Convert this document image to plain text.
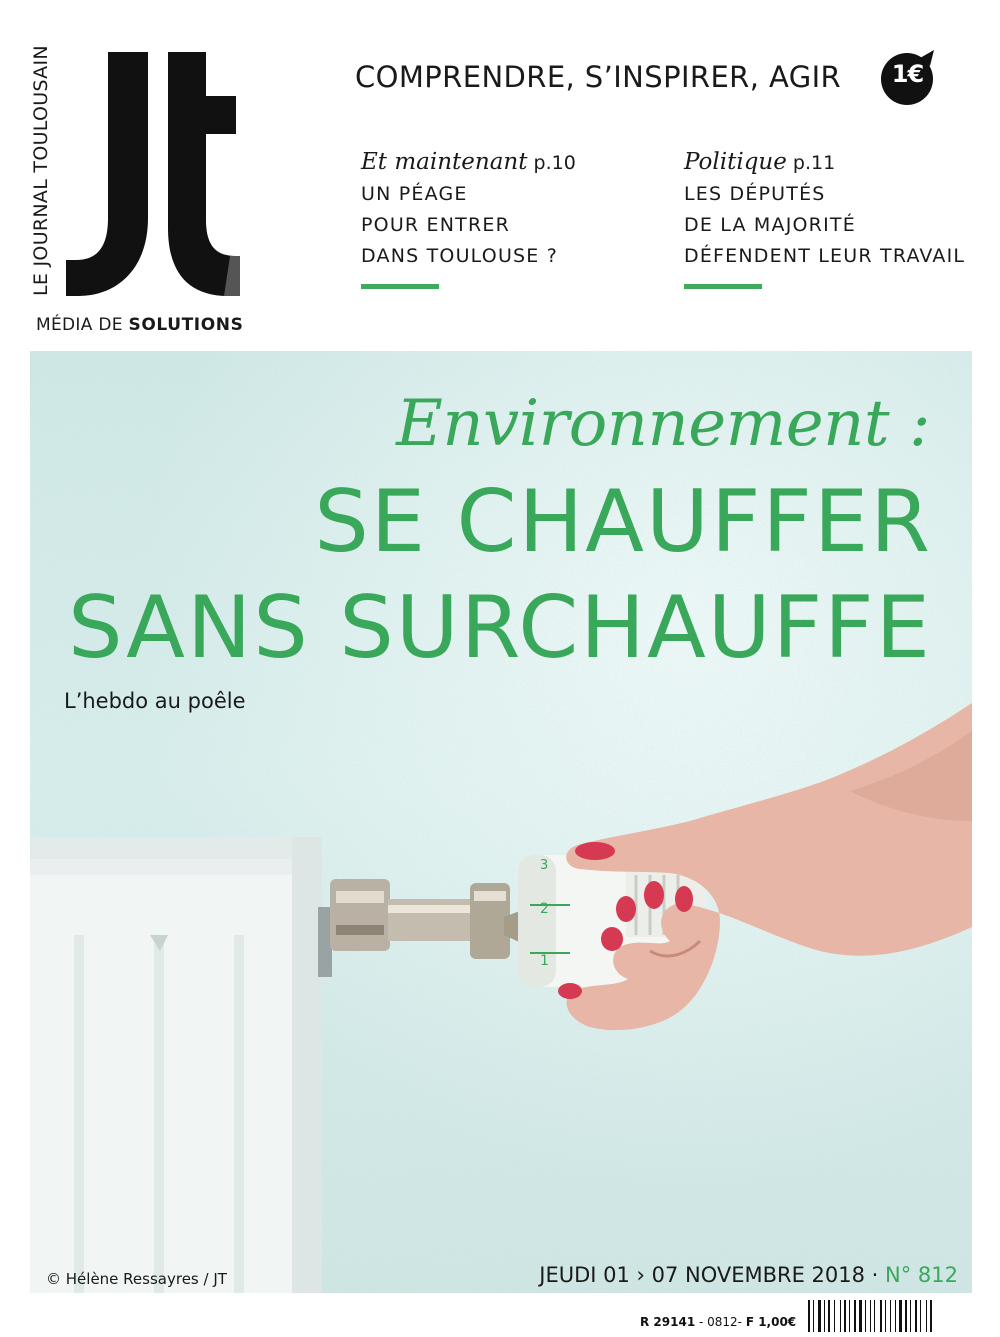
LE JOURNAL TOULOUSAIN
MÉDIA DE SOLUTIONS
COMPRENDRE, S’INSPIRER, AGIR	1€
Et maintenant p.10
UN PÉAGE
POUR ENTRER
DANS TOULOUSE ?
Politique p.11
LES DÉPUTÉS
DE LA MAJORITÉ
DÉFENDENT LEUR TRAVAIL
1
2
3
Environnement :
SE CHAUFFER
SANS SURCHAUFFE
L’hebdo au poêle
© Hélène Ressayres / JT	JEUDI 01 › 07 NOVEMBRE 2018 · N° 812
R 29141 - 0812- F 1,00€
